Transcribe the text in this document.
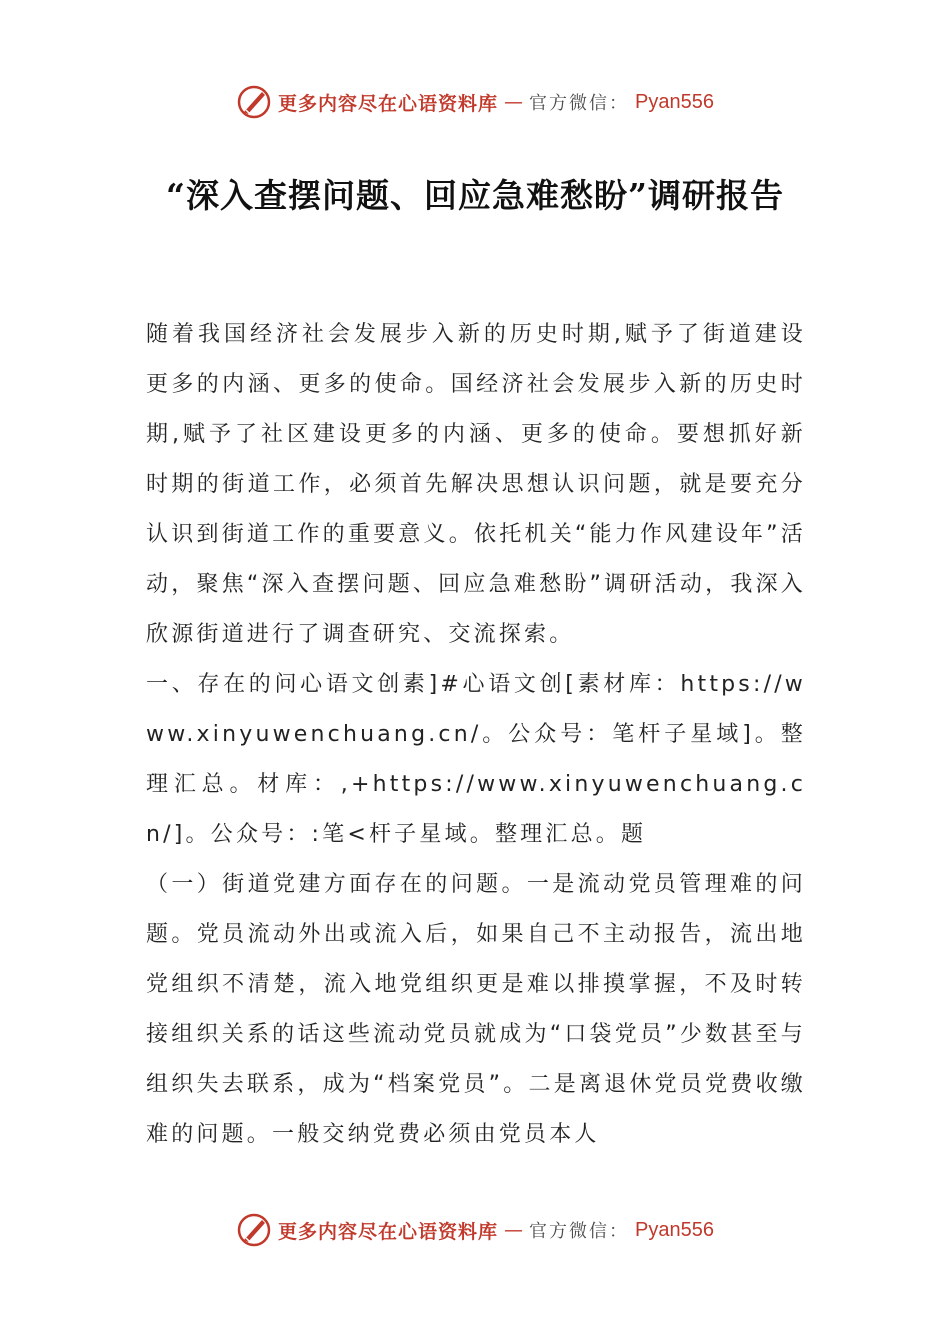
更多内容尽在心语资料库 — 官方微信： Pyan556
“深入查摆问题、回应急难愁盼”调研报告

随着我国经济社会发展步入新的历史时期,赋予了街道建设更多的内涵、更多的使命。国经济社会发展步入新的历史时期,赋予了社区建设更多的内涵、更多的使命。要想抓好新时期的街道工作，必须首先解决思想认识问题，就是要充分认识到街道工作的重要意义。依托机关“能力作风建设年”活动，聚焦“深入查摆问题、回应急难愁盼”调研活动，我深入欣源街道进行了调查研究、交流探索。

一、存在的问心语文创素]#心语文创[素材库：https://www.xinyuwenchuang.cn/。公众号：笔杆子星域]。整理汇总。材库：,+https://www.xinyuwenchuang.cn/]。公众号：:笔<杆子星域。整理汇总。题

（一）街道党建方面存在的问题。一是流动党员管理难的问题。党员流动外出或流入后，如果自己不主动报告，流出地党组织不清楚，流入地党组织更是难以排摸掌握，不及时转接组织关系的话这些流动党员就成为“口袋党员”少数甚至与组织失去联系，成为“档案党员”。二是离退休党员党费收缴难的问题。一般交纳党费必须由党员本人

更多内容尽在心语资料库 — 官方微信： Pyan556
